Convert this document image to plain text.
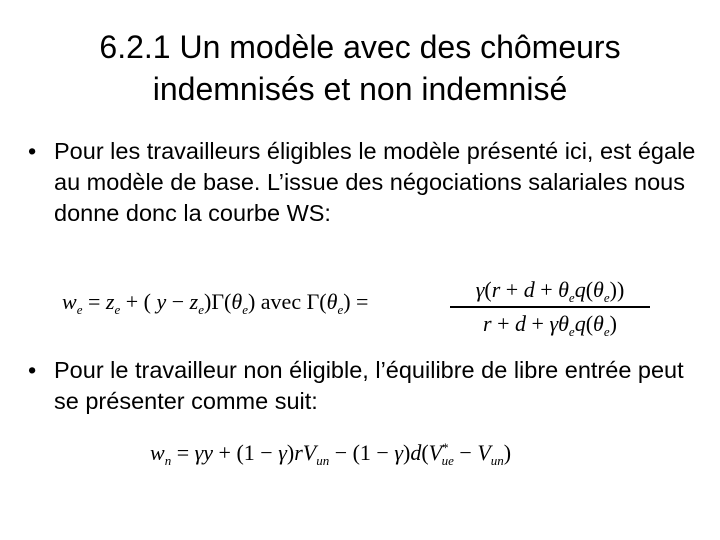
6.2.1 Un modèle avec des chômeurs
indemnisés et non indemnisé
• Pour les travailleurs éligibles le modèle présenté ici, est égale au modèle de base. L’issue des négociations salariales nous donne donc la courbe WS:
$w_e = z_e$ + ( $y - z_e)\Gamma(\theta_e)$ avec $\Gamma(\theta_e)$ =	$\gamma(r + d + \theta_eq(\theta_e))$
$r + d + \gamma\theta_eq(\theta_e)$
• Pour le travailleur non éligible, l’équilibre de libre entrée peut se présenter comme suit:
$w_n = \gamma y + (1 - \gamma)rV_{un} - (1 - \gamma)d(V^*_{ue} - V_{un})$
